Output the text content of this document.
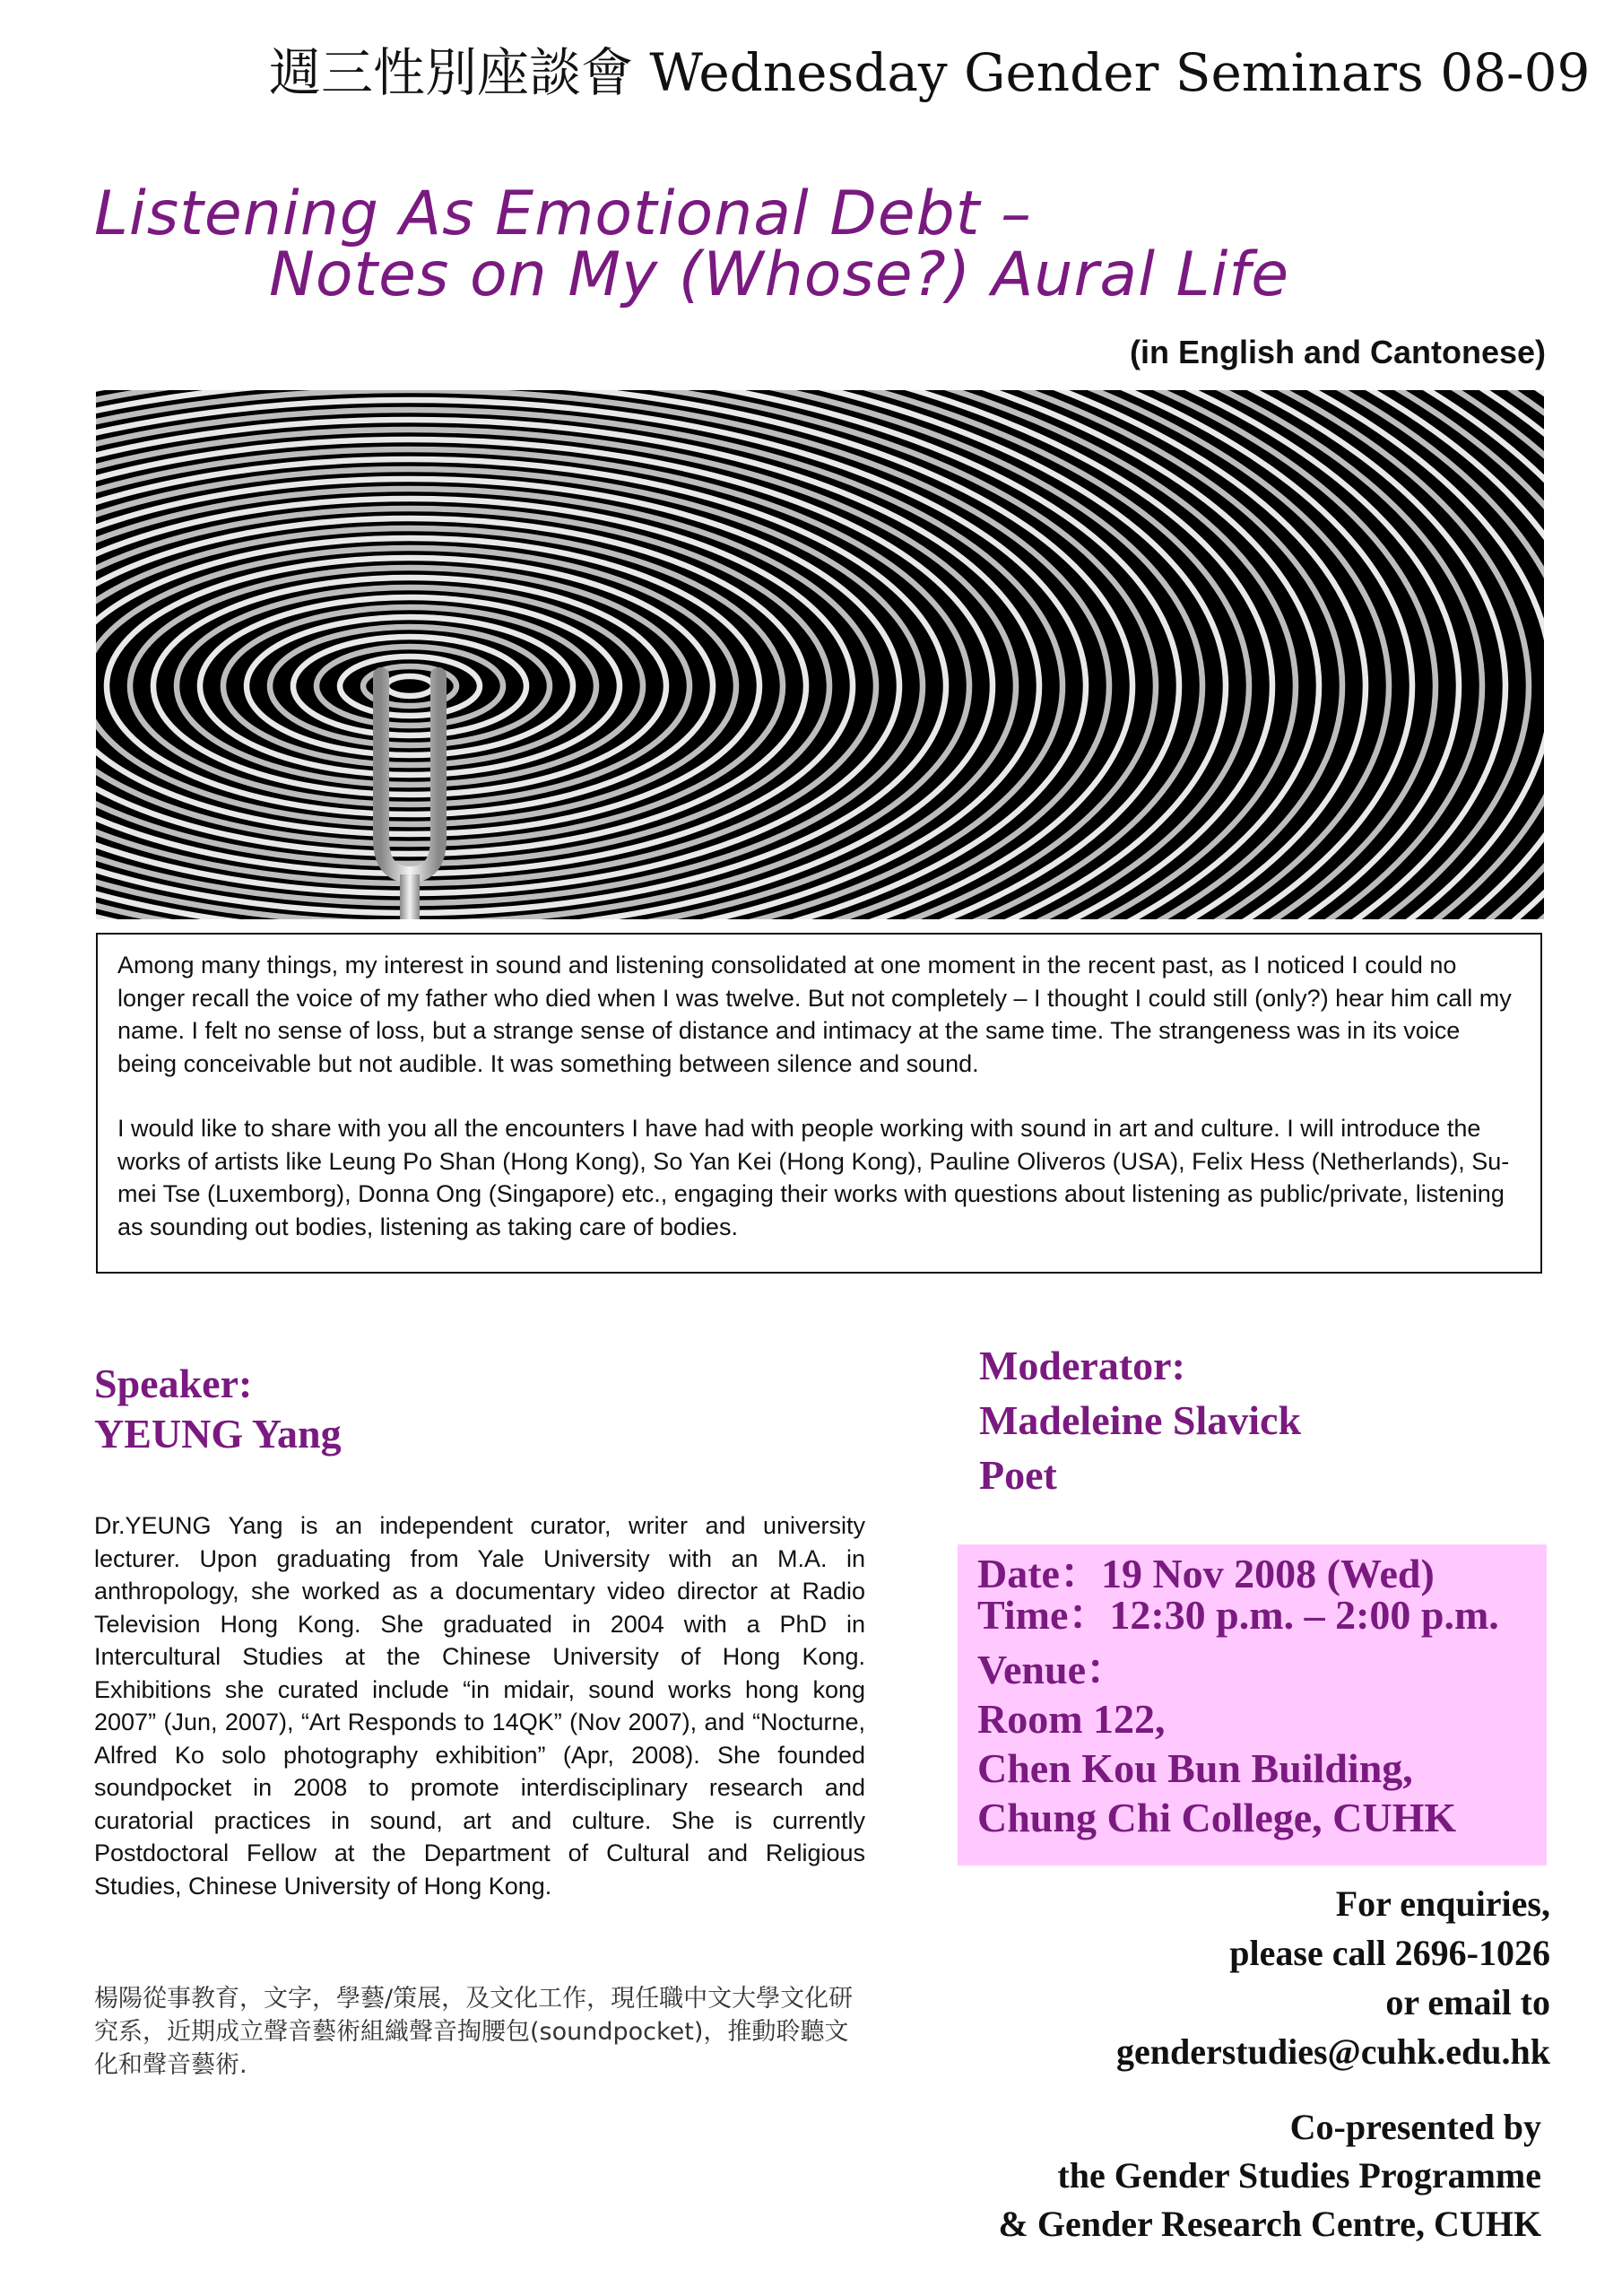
週三性別座談會 Wednesday Gender Seminars 08-09
Listening As Emotional Debt –
Notes on My (Whose?) Aural Life
(in English and Cantonese)

Among many things, my interest in sound and listening consolidated at one moment in the recent past, as I noticed I could no longer recall the voice of my father who died when I was twelve. But not completely – I thought I could still (only?) hear him call my name. I felt no sense of loss, but a strange sense of distance and intimacy at the same time. The strangeness was in its voice being conceivable but not audible. It was something between silence and sound.

I would like to share with you all the encounters I have had with people working with sound in art and culture. I will introduce the works of artists like Leung Po Shan (Hong Kong), So Yan Kei (Hong Kong), Pauline Oliveros (USA), Felix Hess (Netherlands), Su-mei Tse (Luxemborg), Donna Ong (Singapore) etc., engaging their works with questions about listening as public/private, listening as sounding out bodies, listening as taking care of bodies.

Speaker:
YEUNG Yang
Dr.YEUNG Yang is an independent curator, writer and university lecturer. Upon graduating from Yale University with an M.A. in anthropology, she worked as a documentary video director at Radio Television Hong Kong. She graduated in 2004 with a PhD in Intercultural Studies at the Chinese University of Hong Kong. Exhibitions she curated include “in midair, sound works hong kong 2007” (Jun, 2007), “Art Responds to 14QK” (Nov 2007), and “Nocturne, Alfred Ko solo photography exhibition” (Apr, 2008). She founded soundpocket in 2008 to promote interdisciplinary research and curatorial practices in sound, art and culture. She is currently Postdoctoral Fellow at the Department of Cultural and Religious Studies, Chinese University of Hong Kong.
楊陽從事教育，文字，學藝/策展，及文化工作，現任職中文大學文化研究系，近期成立聲音藝術組織聲音掏腰包(soundpocket)，推動聆聽文化和聲音藝術.
Moderator:
Madeleine Slavick
Poet
Date：19 Nov 2008 (Wed)
Time：12:30 p.m. – 2:00 p.m.
Venue：
Room 122,
Chen Kou Bun Building,
Chung Chi College, CUHK
For enquiries,
please call 2696-1026
or email to
genderstudies@cuhk.edu.hk
Co-presented by
the Gender Studies Programme
& Gender Research Centre, CUHK
